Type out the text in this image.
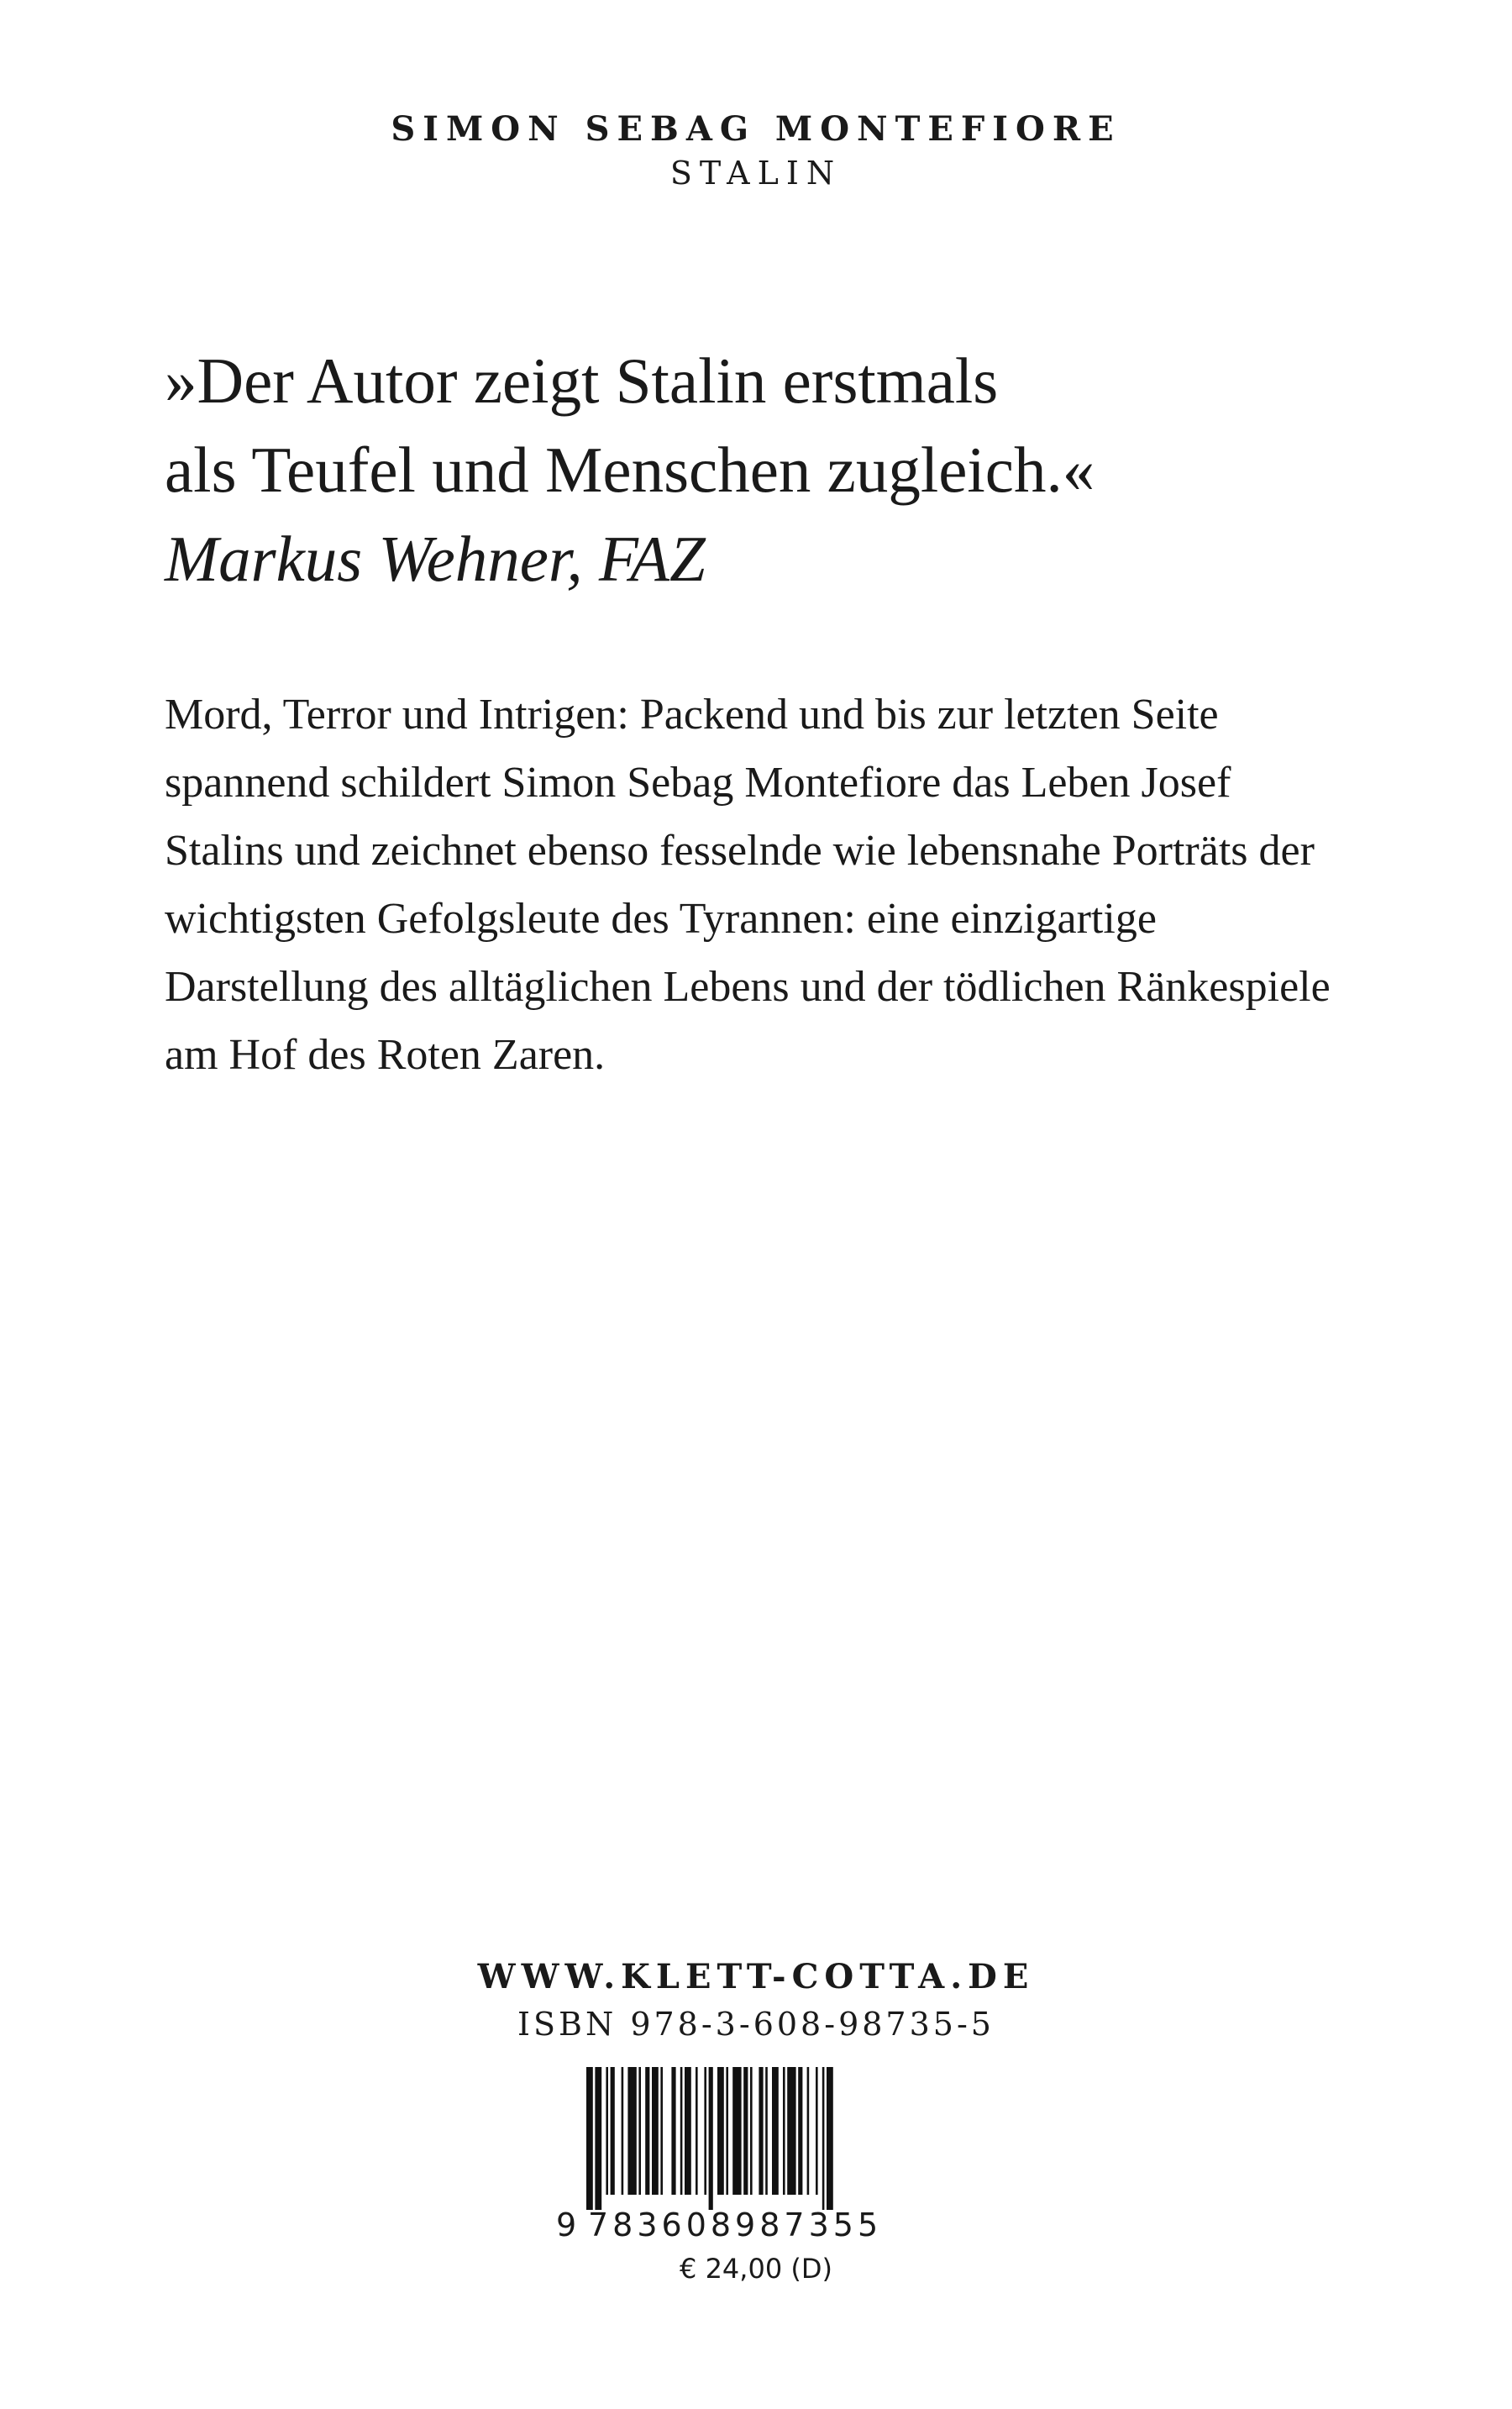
SIMON SEBAG MONTEFIORE

STALIN

»Der Autor zeigt Stalin erstmals

als Teufel und Menschen zugleich.«

Markus Wehner, FAZ

Mord, Terror und Intrigen: Packend und bis zur letzten Seite spannend schildert Simon Sebag Montefiore das Leben Josef Stalins und zeichnet ebenso fesselnde wie lebensnahe Porträts der wichtigsten Gefolgsleute des Tyrannen: eine einzigartige Darstellung des alltäglichen Lebens und der tödlichen Ränkespiele am Hof des Roten Zaren.

WWW.KLETT-COTTA.DE

ISBN 978-3-608-98735-5

9 783608987355

€ 24,00 (D)
